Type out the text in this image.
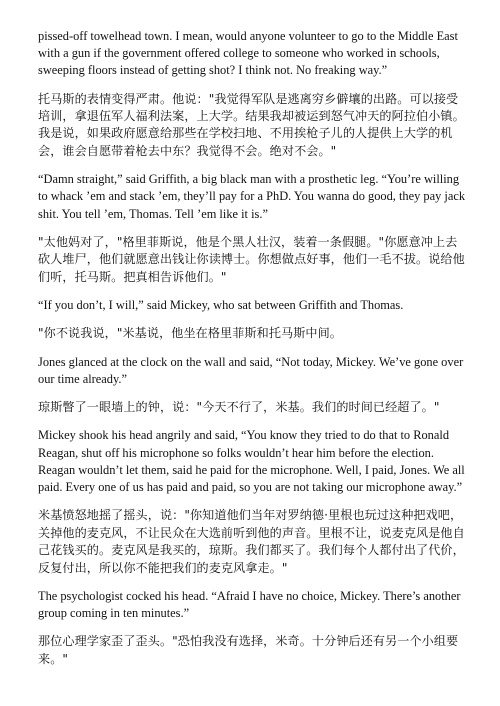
pissed-off towelhead town. I mean, would anyone volunteer to go to the Middle East with a gun if the government offered college to someone who worked in schools, sweeping floors instead of getting shot? I think not. No freaking way.”

托马斯的表情变得严肃。他说："我觉得军队是逃离穷乡僻壤的出路。可以接受培训，拿退伍军人福利法案，上大学。结果我却被运到怒气冲天的阿拉伯小镇。我是说，如果政府愿意给那些在学校扫地、不用挨枪子儿的人提供上大学的机会，谁会自愿带着枪去中东？我觉得不会。绝对不会。"

“Damn straight,” said Griffith, a big black man with a prosthetic leg. “You’re willing to whack ’em and stack ’em, they’ll pay for a PhD. You wanna do good, they pay jack shit. You tell ’em, Thomas. Tell ’em like it is.”

"太他妈对了，"格里菲斯说，他是个黑人壮汉，装着一条假腿。"你愿意冲上去砍人堆尸，他们就愿意出钱让你读博士。你想做点好事，他们一毛不拔。说给他们听，托马斯。把真相告诉他们。"

“If you don’t, I will,” said Mickey, who sat between Griffith and Thomas.

"你不说我说，"米基说，他坐在格里菲斯和托马斯中间。

Jones glanced at the clock on the wall and said, “Not today, Mickey. We’ve gone over our time already.”

琼斯瞥了一眼墙上的钟，说："今天不行了，米基。我们的时间已经超了。"

Mickey shook his head angrily and said, “You know they tried to do that to Ronald Reagan, shut off his microphone so folks wouldn’t hear him before the election. Reagan wouldn’t let them, said he paid for the microphone. Well, I paid, Jones. We all paid. Every one of us has paid and paid, so you are not taking our microphone away.”

米基愤怒地摇了摇头，说："你知道他们当年对罗纳德·里根也玩过这种把戏吧，关掉他的麦克风，不让民众在大选前听到他的声音。里根不让，说麦克风是他自己花钱买的。麦克风是我买的，琼斯。我们都买了。我们每个人都付出了代价，反复付出，所以你不能把我们的麦克风拿走。"

The psychologist cocked his head. “Afraid I have no choice, Mickey. There’s another group coming in ten minutes.”

那位心理学家歪了歪头。"恐怕我没有选择，米奇。十分钟后还有另一个小组要来。"
